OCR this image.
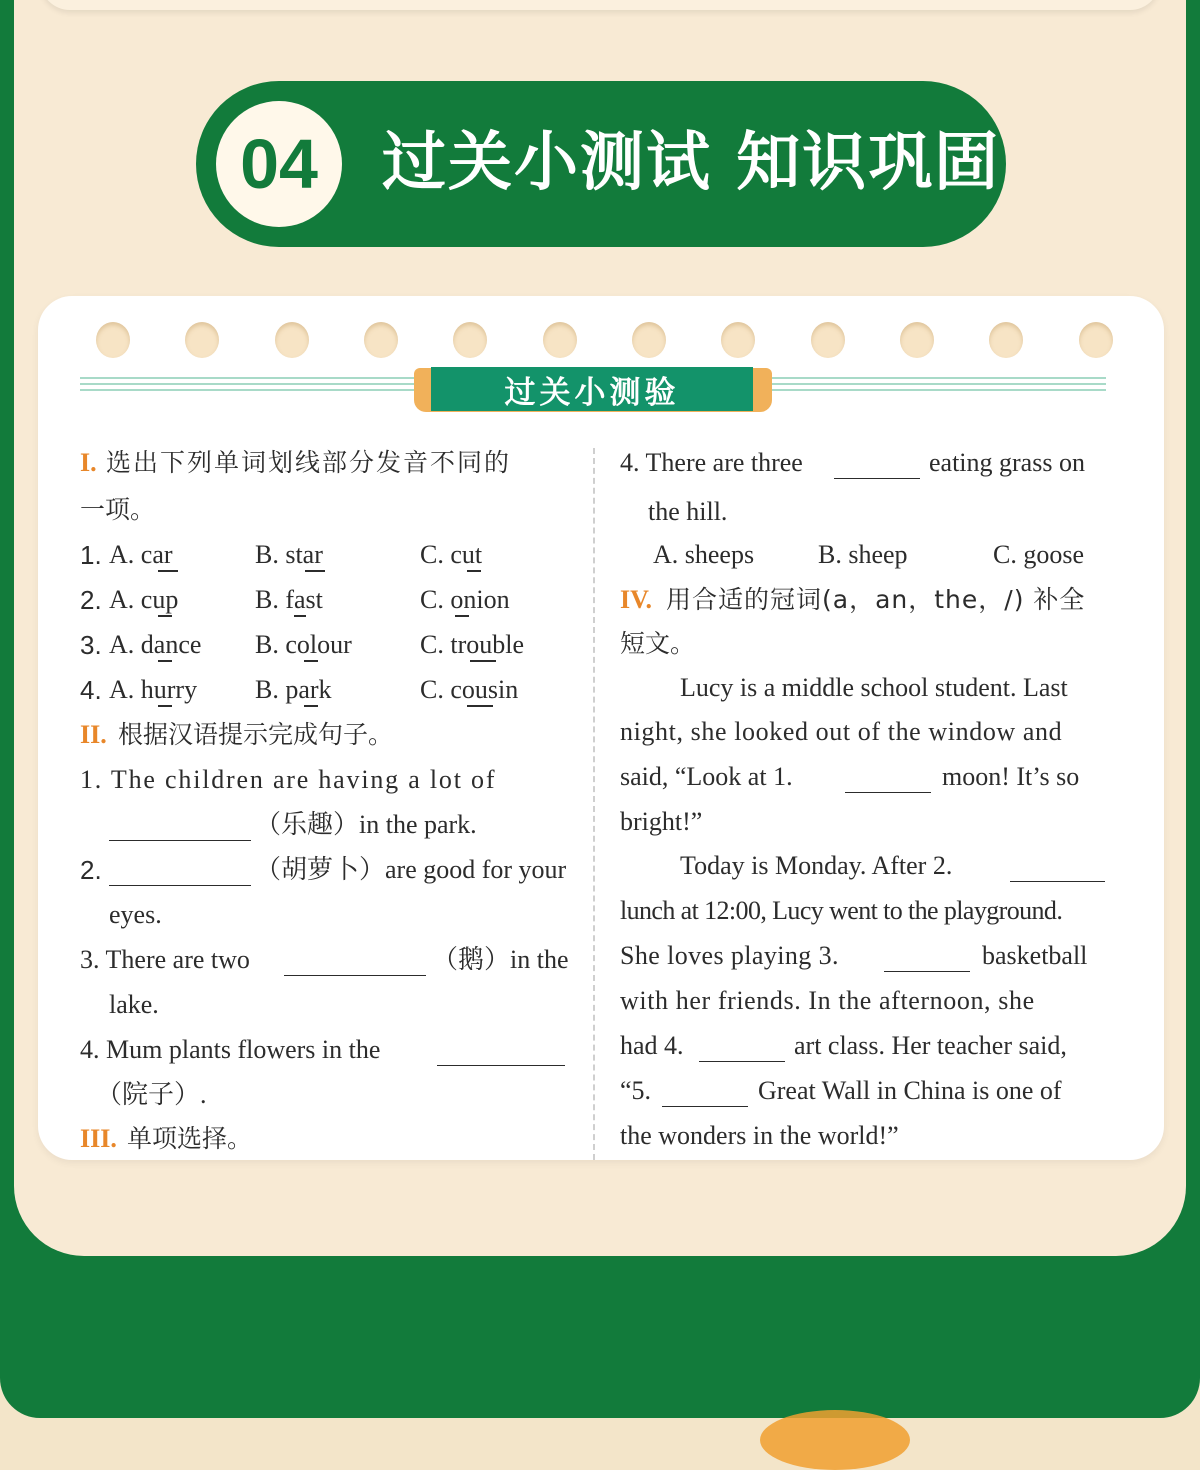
04	过关小测试 知识巩固
过关小测验
I. 选出下列单词划线部分发音不同的
一项。
1. A. car	B. star	C. cut
2. A. cup	B. fast	C. onion
3. A. dance B. colour	C. trouble
4. A. hurry B. park	C. cousin
II. 根据汉语提示完成句子。
1. The children are having a lot of
（乐趣）in the park.
2.	（胡萝卜）are good for your
eyes.
3. There are two	（鹅）in the
lake.
4. Mum plants flowers in the
（院子）.
III. 单项选择。
4. There are three	eating grass on
the hill.
A. sheeps B. sheep	C. goose
IV. 用合适的冠词(a，an，the，/) 补全
短文。
Lucy is a middle school student. Last
night, she looked out of the window and
said, “Look at 1.	moon! It’s so
bright!”
Today is Monday. After 2.
lunch at 12:00, Lucy went to the playground.
She loves playing 3.	basketball
with her friends. In the afternoon, she
had 4.	art class. Her teacher said,
“5.	Great Wall in China is one of
the wonders in the world!”
